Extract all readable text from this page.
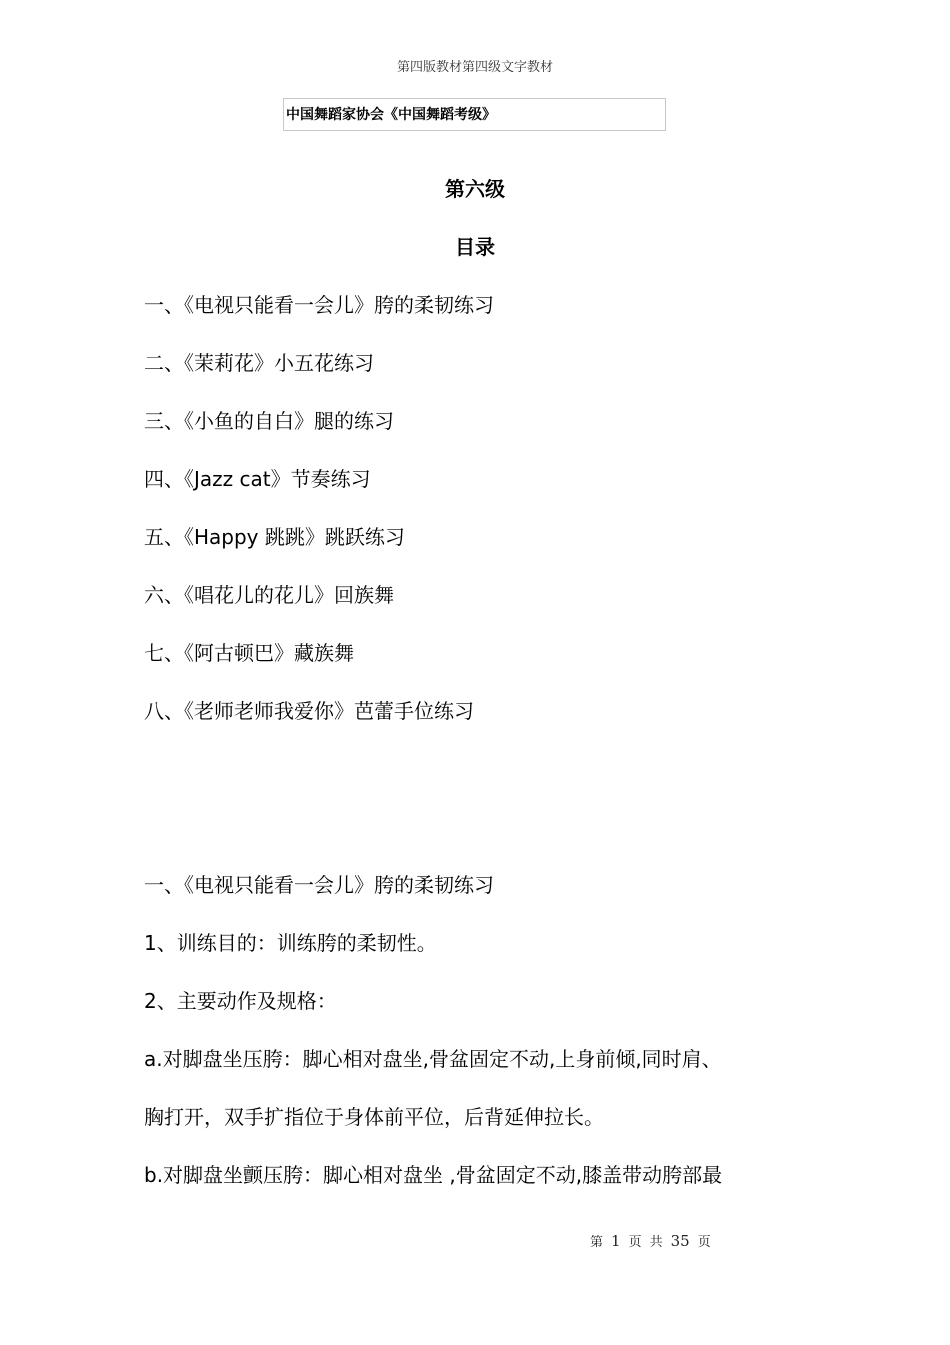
第四版教材第四级文字教材
中国舞蹈家协会《中国舞蹈考级》
第六级
目录
一、《电视只能看一会儿》胯的柔韧练习
二、《茉莉花》小五花练习
三、《小鱼的自白》腿的练习
四、《Jazz cat》节奏练习
五、《Happy 跳跳》跳跃练习
六、《唱花儿的花儿》回族舞
七、《阿古顿巴》藏族舞
八、《老师老师我爱你》芭蕾手位练习
一、《电视只能看一会儿》胯的柔韧练习
1、训练目的：训练胯的柔韧性。
2、主要动作及规格：
a.对脚盘坐压胯：脚心相对盘坐,骨盆固定不动,上身前倾,同时肩、
胸打开，双手扩指位于身体前平位，后背延伸拉长。
b.对脚盘坐颤压胯：脚心相对盘坐 ,骨盆固定不动,膝盖带动胯部最
第 1 页 共 35 页
